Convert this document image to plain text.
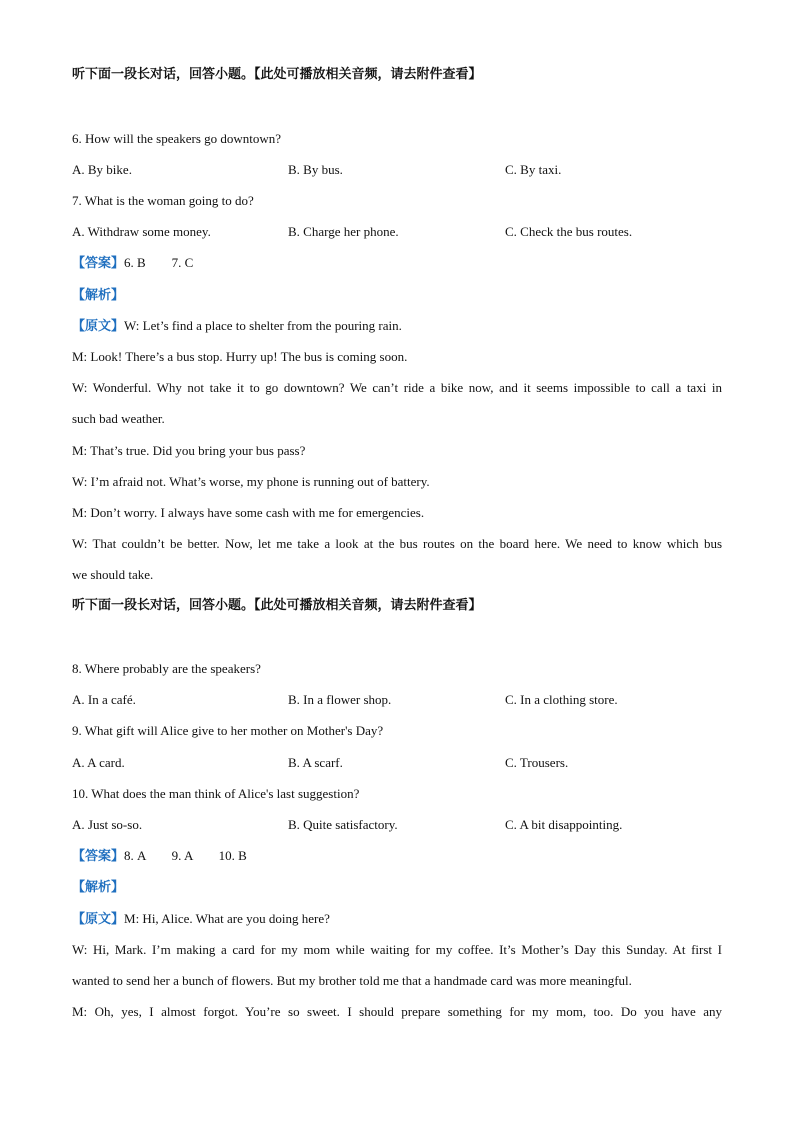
听下面一段长对话，回答小题。【此处可播放相关音频，请去附件查看】
6. How will the speakers go downtown?
A. By bike.	B. By bus.	C. By taxi.
7. What is the woman going to do?
A. Withdraw some money.	B. Charge her phone.	C. Check the bus routes.
【答案】6. B        7. C
【解析】
【原文】W: Let’s find a place to shelter from the pouring rain.
M: Look! There’s a bus stop. Hurry up! The bus is coming soon.
W: Wonderful. Why not take it to go downtown? We can’t ride a bike now, and it seems impossible to call a taxi in
such bad weather.
M: That’s true. Did you bring your bus pass?
W: I’m afraid not. What’s worse, my phone is running out of battery.
M: Don’t worry. I always have some cash with me for emergencies.
W: That couldn’t be better. Now, let me take a look at the bus routes on the board here. We need to know which bus
we should take.
听下面一段长对话，回答小题。【此处可播放相关音频，请去附件查看】
8. Where probably are the speakers?
A. In a café.	B. In a flower shop.	C. In a clothing store.
9. What gift will Alice give to her mother on Mother's Day?
A. A card.	B. A scarf.	C. Trousers.
10. What does the man think of Alice's last suggestion?
A. Just so-so.	B. Quite satisfactory.	C. A bit disappointing.
【答案】8. A        9. A        10. B
【解析】
【原文】M: Hi, Alice. What are you doing here?
W: Hi, Mark. I’m making a card for my mom while waiting for my coffee. It’s Mother’s Day this Sunday. At first I
wanted to send her a bunch of flowers. But my brother told me that a handmade card was more meaningful.
M: Oh, yes, I almost forgot. You’re so sweet. I should prepare something for my mom, too. Do you have any
